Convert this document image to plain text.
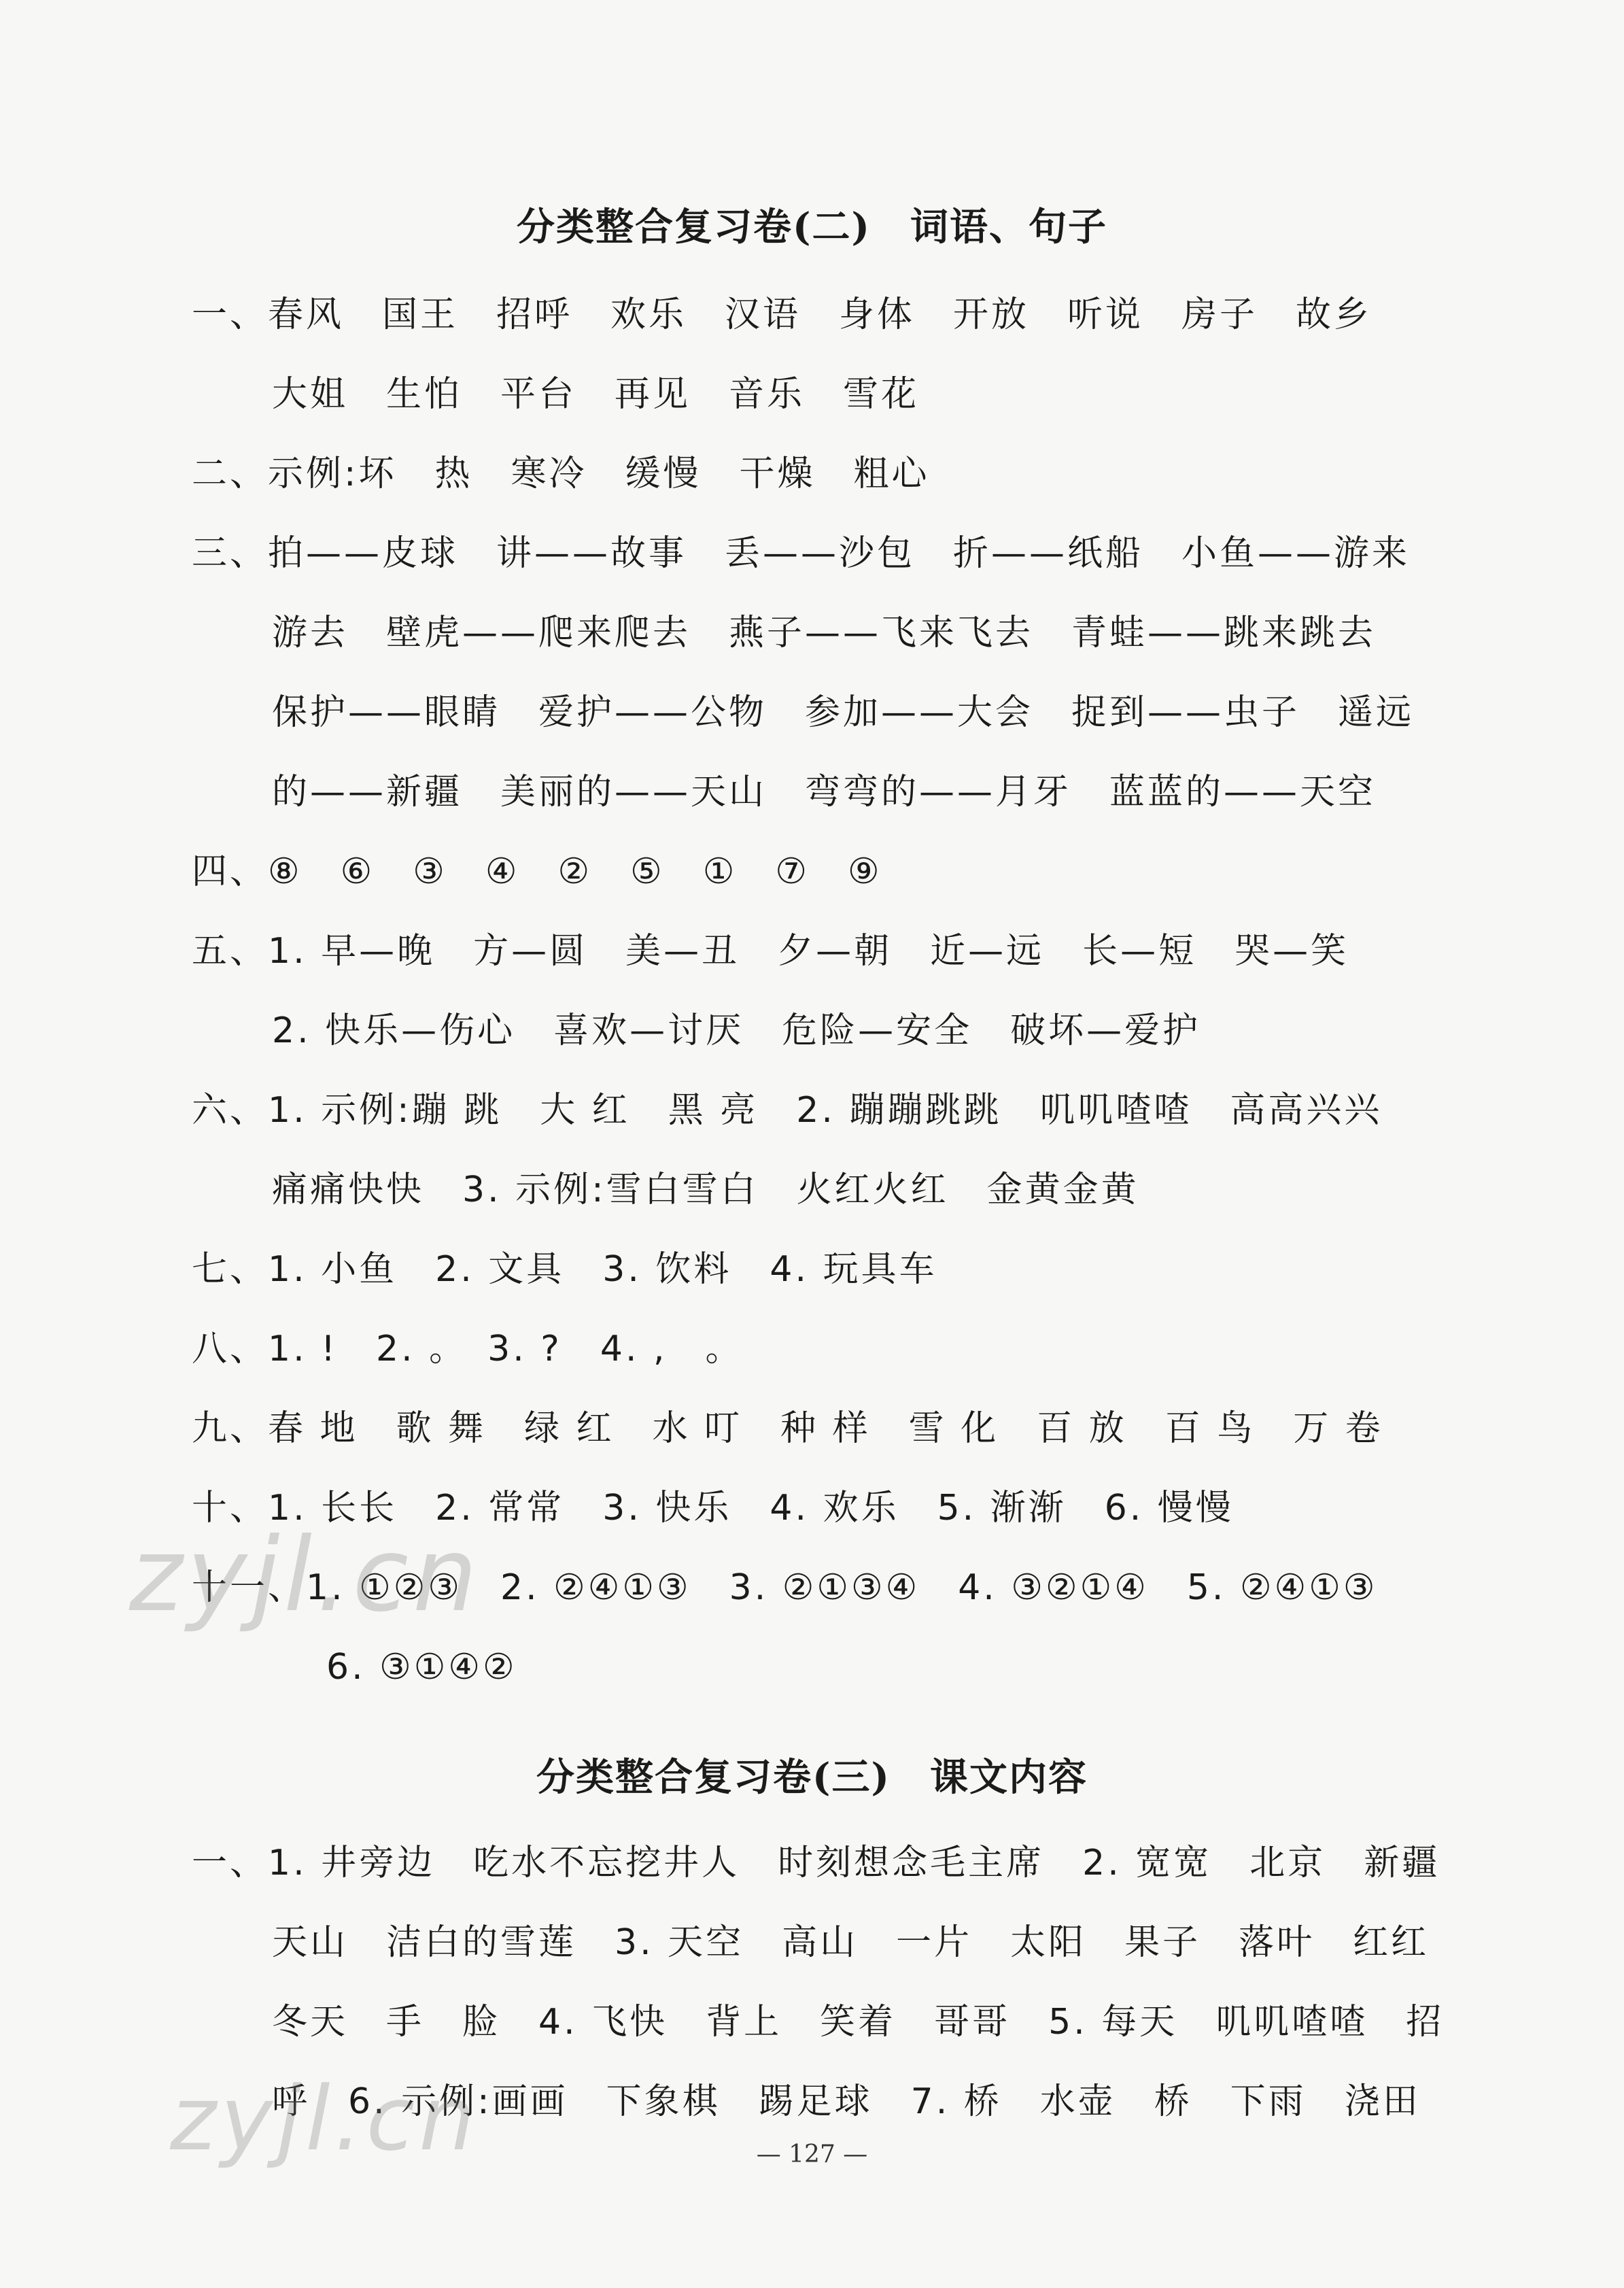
分类整合复习卷(二)　词语、句子
一、春风　国王　招呼　欢乐　汉语　身体　开放　听说　房子　故乡
大姐　生怕　平台　再见　音乐　雪花
二、示例:坏　热　寒冷　缓慢　干燥　粗心
三、拍——皮球　讲——故事　丢——沙包　折——纸船　小鱼——游来
游去　壁虎——爬来爬去　燕子——飞来飞去　青蛙——跳来跳去
保护——眼睛　爱护——公物　参加——大会　捉到——虫子　遥远
的——新疆　美丽的——天山　弯弯的——月牙　蓝蓝的——天空
四、⑧　⑥　③　④　②　⑤　①　⑦　⑨
五、1. 早—晚　方—圆　美—丑　夕—朝　近—远　长—短　哭—笑
2. 快乐—伤心　喜欢—讨厌　危险—安全　破坏—爱护
六、1. 示例:蹦 跳　大 红　黑 亮　2. 蹦蹦跳跳　叽叽喳喳　高高兴兴
痛痛快快　3. 示例:雪白雪白　火红火红　金黄金黄
七、1. 小鱼　2. 文具　3. 饮料　4. 玩具车
八、1. !　2. 。　3. ?　4. ,　。
九、春 地　歌 舞　绿 红　水 叮　种 样　雪 化　百 放　百 鸟　万 卷
十、1. 长长　2. 常常　3. 快乐　4. 欢乐　5. 渐渐　6. 慢慢
十一、1. ①②③　2. ②④①③　3. ②①③④　4. ③②①④　5. ②④①③
6. ③①④②
分类整合复习卷(三)　课文内容
一、1. 井旁边　吃水不忘挖井人　时刻想念毛主席　2. 宽宽　北京　新疆
天山　洁白的雪莲　3. 天空　高山　一片　太阳　果子　落叶　红红
冬天　手　脸　4. 飞快　背上　笑着　哥哥　5. 每天　叽叽喳喳　招
呼　6. 示例:画画　下象棋　踢足球　7. 桥　水壶　桥　下雨　浇田
— 127 —
zyjl.cn
zyjl.cn
